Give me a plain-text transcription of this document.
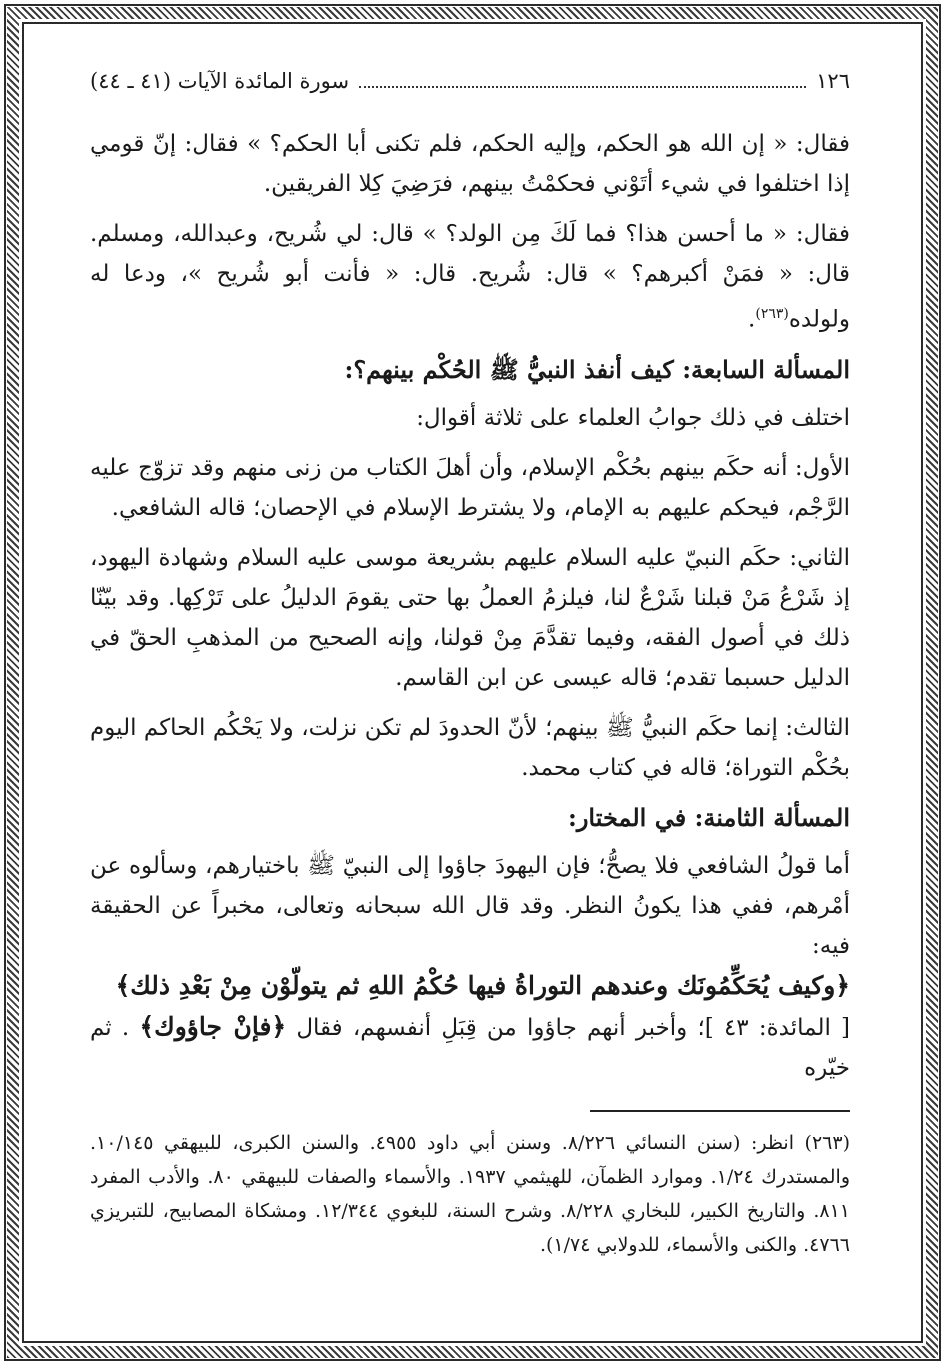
١٢٦
سورة المائدة الآيات (٤١ ـ ٤٤)

فقال: « إن الله هو الحكم، وإليه الحكم، فلم تكنى أبا الحكم؟ » فقال: إنّ قومي إذا اختلفوا في شيء أتَوْني فحكمْتُ بينهم، فرَضِيَ كِلا الفريقين.

فقال: « ما أحسن هذا؟ فما لَكَ مِن الولد؟ » قال: لي شُريح، وعبدالله، ومسلم. قال: « فمَنْ أكبرهم؟ » قال: شُريح. قال: « فأنت أبو شُريح »، ودعا له ولولده$^{(٢٦٣)}$.

المسألة السابعة: كيف أنفذ النبيُّ ﷺ الحُكْم بينهم؟:

اختلف في ذلك جوابُ العلماء على ثلاثة أقوال:

الأول: أنه حكَم بينهم بحُكْم الإسلام، وأن أهلَ الكتاب من زنى منهم وقد تزوّج عليه الرَّجْم، فيحكم عليهم به الإمام، ولا يشترط الإسلام في الإحصان؛ قاله الشافعي.

الثاني: حكَم النبيّ عليه السلام عليهم بشريعة موسى عليه السلام وشهادة اليهود، إذ شَرْعُ مَنْ قبلنا شَرْعٌ لنا، فيلزمُ العملُ بها حتى يقومَ الدليلُ على تَرْكِها. وقد بيّنّا ذلك في أصول الفقه، وفيما تقدَّمَ مِنْ قولنا، وإنه الصحيح من المذهبِ الحقّ في الدليل حسبما تقدم؛ قاله عيسى عن ابن القاسم.

الثالث: إنما حكَم النبيُّ ﷺ بينهم؛ لأنّ الحدودَ لم تكن نزلت، ولا يَحْكُم الحاكم اليوم بحُكْم التوراة؛ قاله في كتاب محمد.

المسألة الثامنة: في المختار:

أما قولُ الشافعي فلا يصحُّ؛ فإن اليهودَ جاؤوا إلى النبيّ ﷺ باختيارهم، وسألوه عن أمْرهم، ففي هذا يكونُ النظر. وقد قال الله سبحانه وتعالى، مخبراً عن الحقيقة فيه:
﴿وكيف يُحَكِّمُونَك وعندهم التوراةُ فيها حُكْمُ اللهِ ثم يتولّوْن مِنْ بَعْدِ ذلك﴾
[ المائدة: ٤٣ ]؛ وأخبر أنهم جاؤوا من قِبَلِ أنفسهم، فقال ﴿فإنْ جاؤوك﴾ . ثم خيّره

(٢٦٣) انظر: (سنن النسائي ٨/٢٢٦. وسنن أبي داود ٤٩٥٥. والسنن الكبرى، للبيهقي ١٠/١٤٥. والمستدرك ١/٢٤. وموارد الظمآن، للهيثمي ١٩٣٧. والأسماء والصفات للبيهقي ٨٠. والأدب المفرد ٨١١. والتاريخ الكبير، للبخاري ٨/٢٢٨. وشرح السنة، للبغوي ١٢/٣٤٤. ومشكاة المصابيح، للتبريزي ٤٧٦٦. والكنى والأسماء، للدولابي ١/٧٤).
